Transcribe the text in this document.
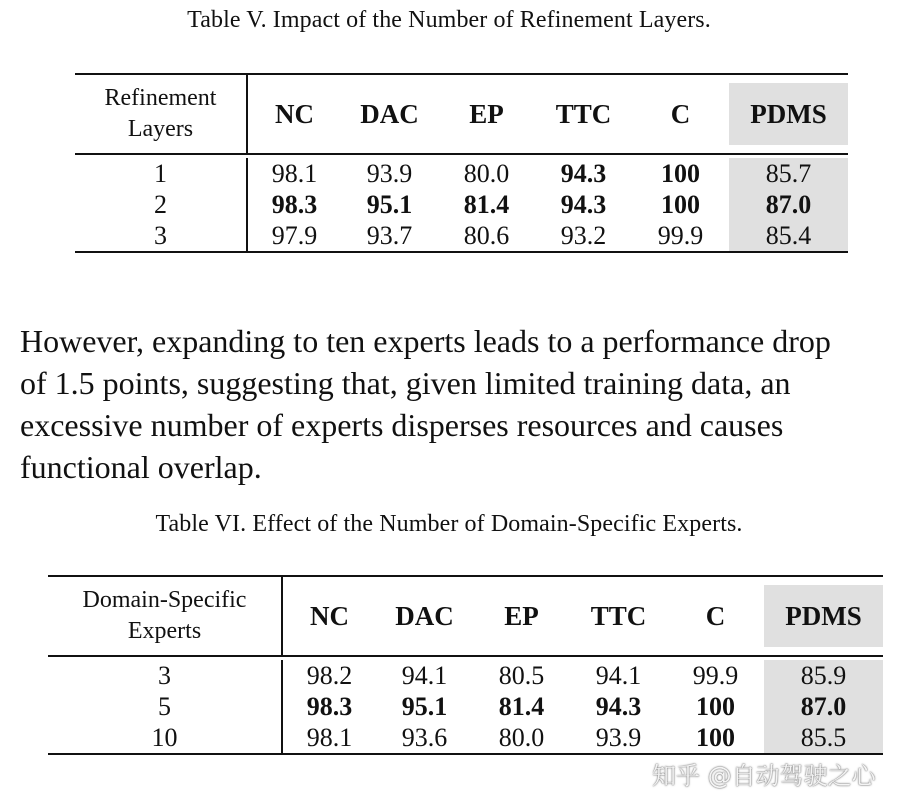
Table V. Impact of the Number of Refinement Layers.
Refinement
Layers	NC	DAC	EP	TTC	C	PDMS

1	98.1	93.9	80.0	94.3	100	85.7
2	98.3	95.1	81.4	94.3	100	87.0
3	97.9	93.7	80.6	93.2	99.9	85.4
However, expanding to ten experts leads to a performance drop
of 1.5 points, suggesting that, given limited training data, an
excessive number of experts disperses resources and causes
functional overlap.
Table VI. Effect of the Number of Domain-Specific Experts.
Domain-Specific
Experts	NC	DAC	EP	TTC	C	PDMS

3	98.2	94.1	80.5	94.1	99.9	85.9
5	98.3	95.1	81.4	94.3	100	87.0
10	98.1	93.6	80.0	93.9	100	85.5
知乎 @自动驾驶之心
